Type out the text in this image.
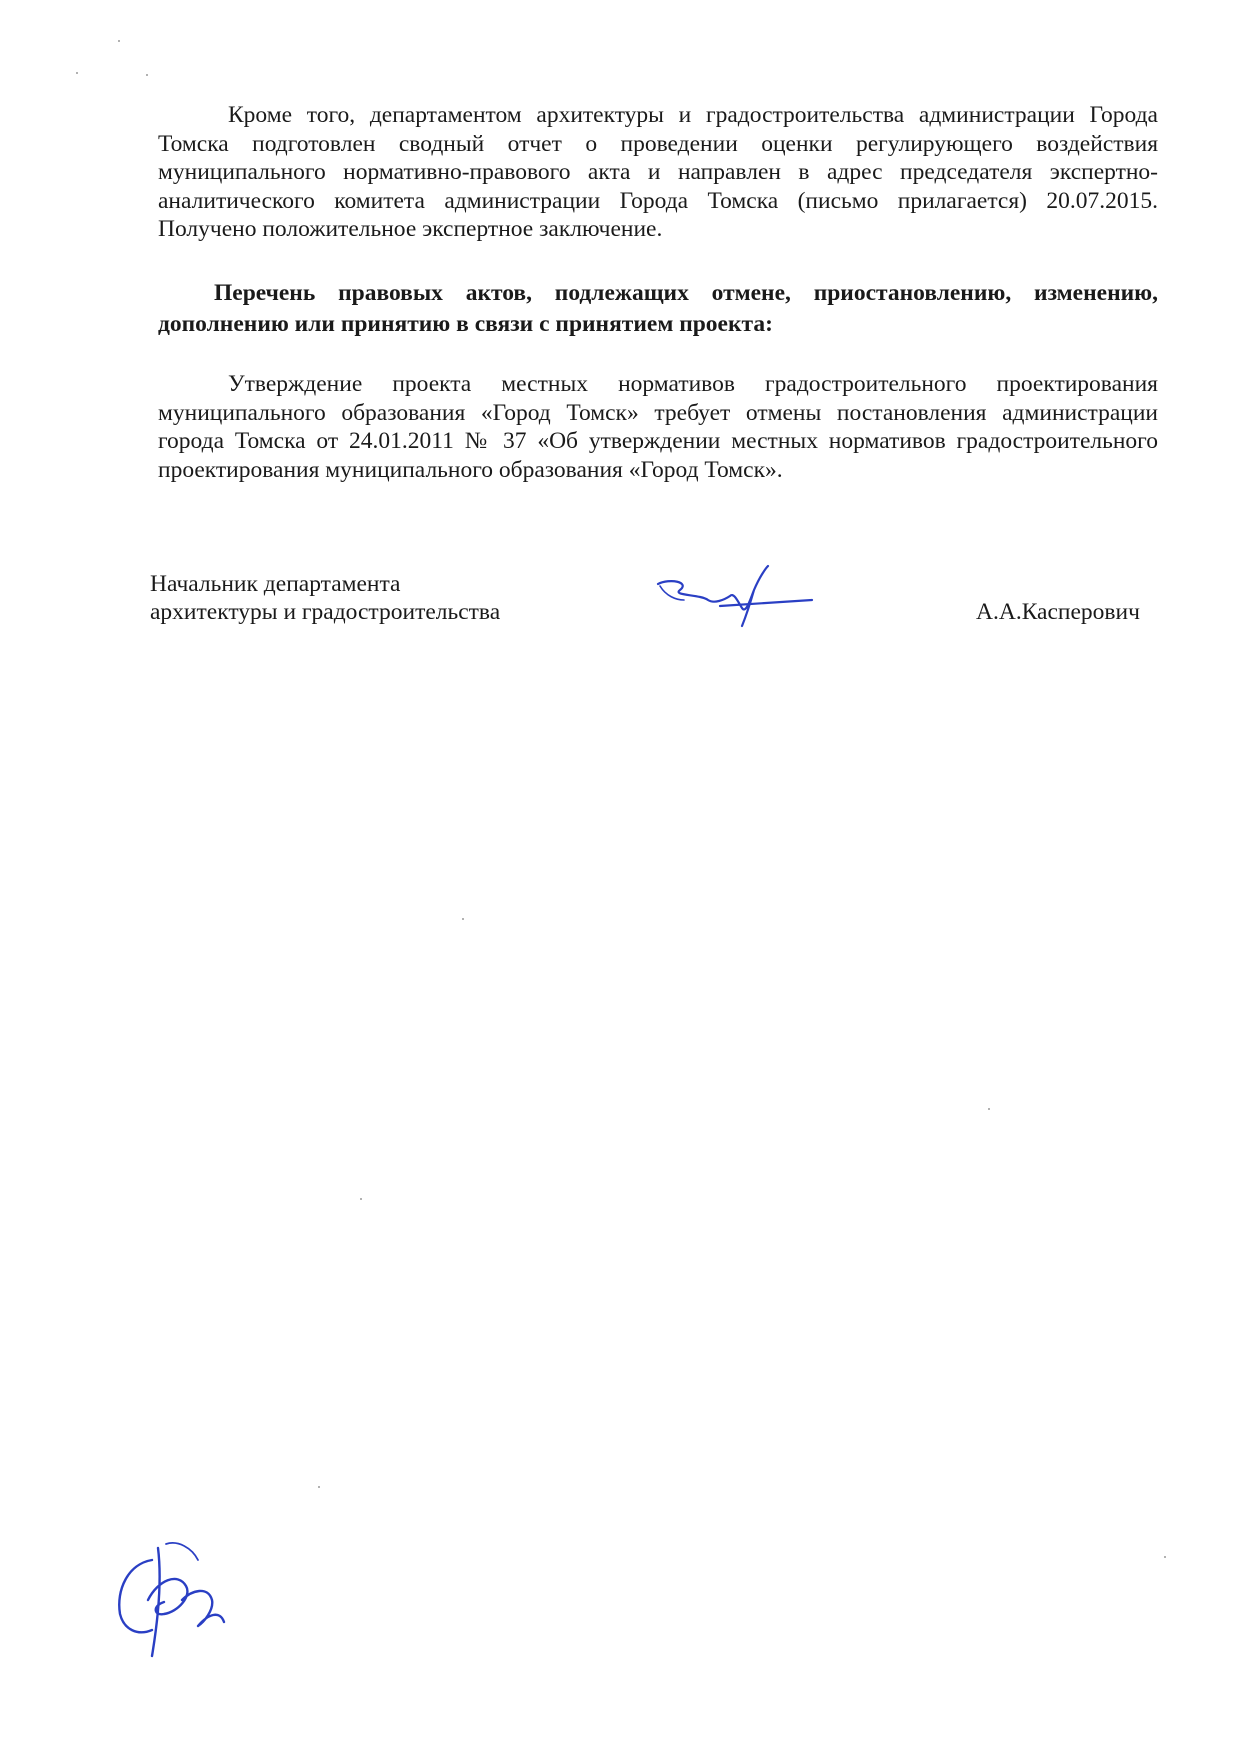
Кроме того, департаментом архитектуры и градостроительства администрации Города Томска подготовлен сводный отчет о проведении оценки регулирующего воздействия муниципального нормативно-правового акта и направлен в адрес председателя экспертно-аналитического комитета администрации Города Томска (письмо прилагается) 20.07.2015. Получено положительное экспертное заключение.

Перечень правовых актов, подлежащих отмене, приостановлению, изменению, дополнению или принятию в связи с принятием проекта:

Утверждение проекта местных нормативов градостроительного проектирования муниципального образования «Город Томск» требует отмены постановления администрации города Томска от 24.01.2011 № 37 «Об утверждении местных нормативов градостроительного проектирования муниципального образования «Город Томск».

Начальник департамента
архитектуры и градостроительства	А.А.Касперович
